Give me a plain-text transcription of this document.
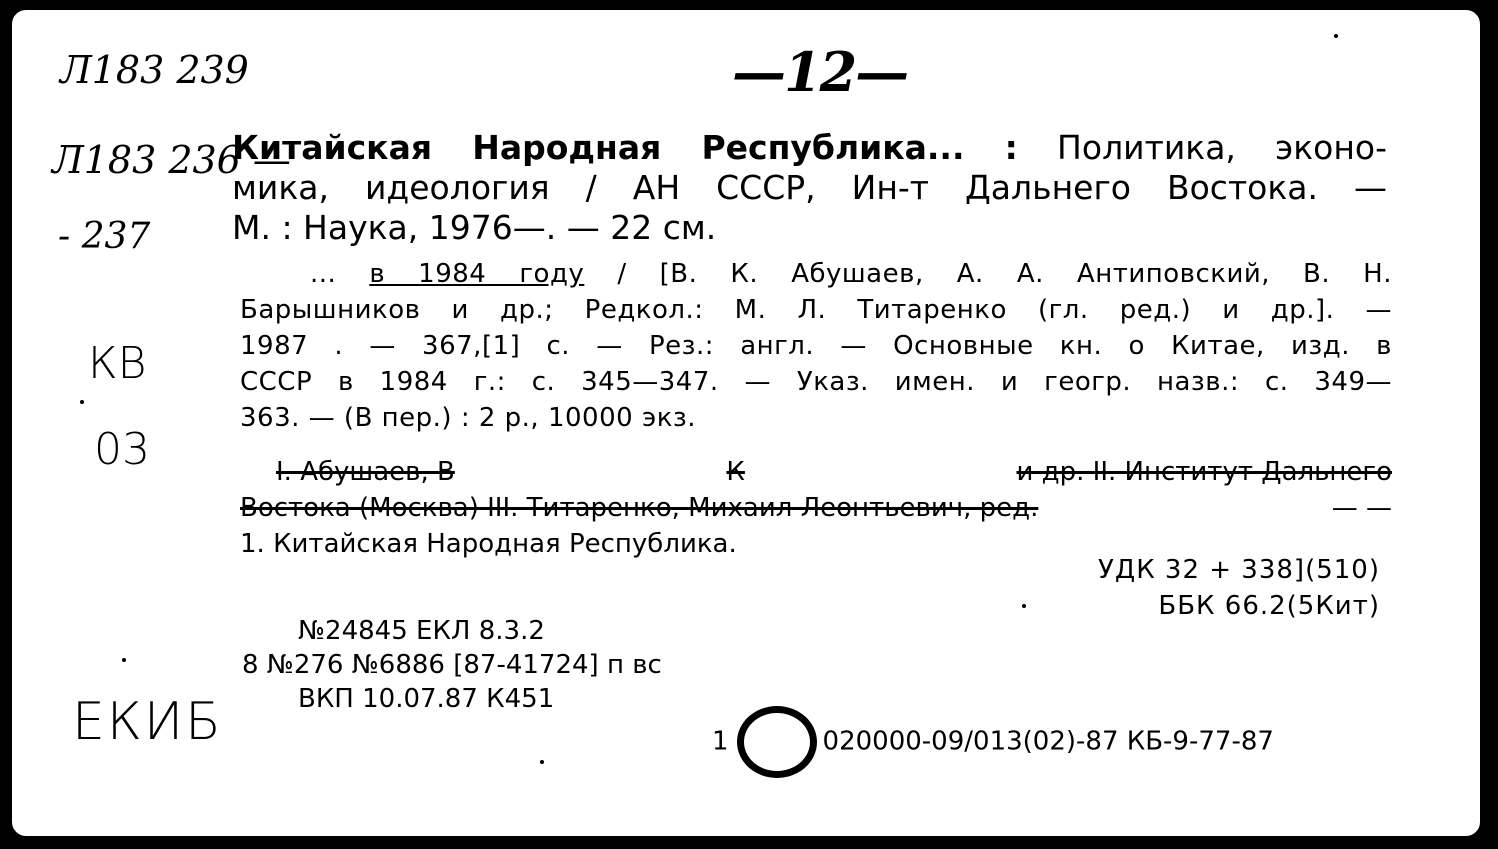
—12—
Л183 239
Л183 236 —
- 237
КВ
03
ЕКИБ
Китайская Народная Республика... : Политика, эконо-
мика, идеология / АН СССР, Ин-т Дальнего Востока. —
М. : Наука, 1976—. — 22 см.
... в 1984 году / [В. К. Абушаев, А. А. Антиповский, В. Н.
Барышников и др.; Редкол.: М. Л. Титаренко (гл. ред.) и др.]. —
1987 . — 367,[1] с. — Рез.: англ. — Основные кн. о Китае, изд. в
СССР в 1984 г.: с. 345—347. — Указ. имен. и геогр. назв.: с. 349—
363. — (В пер.) : 2 р., 10000 экз.
I. Абушаев, В	К	и др. II. Институт Дальнего
Востока (Москва) III. Титаренко, Михаил Леонтьевич, ред.	— —
1. Китайская Народная Республика.
УДК 32 + 338](510)
ББК 66.2(5Кит)
№24845 ЕКЛ 8.3.2
8 №276 №6886 [87-41724] п вс
ВКП 10.07.87 К451
1 ○ 020000-09/013(02)-87 КБ-9-77-87
